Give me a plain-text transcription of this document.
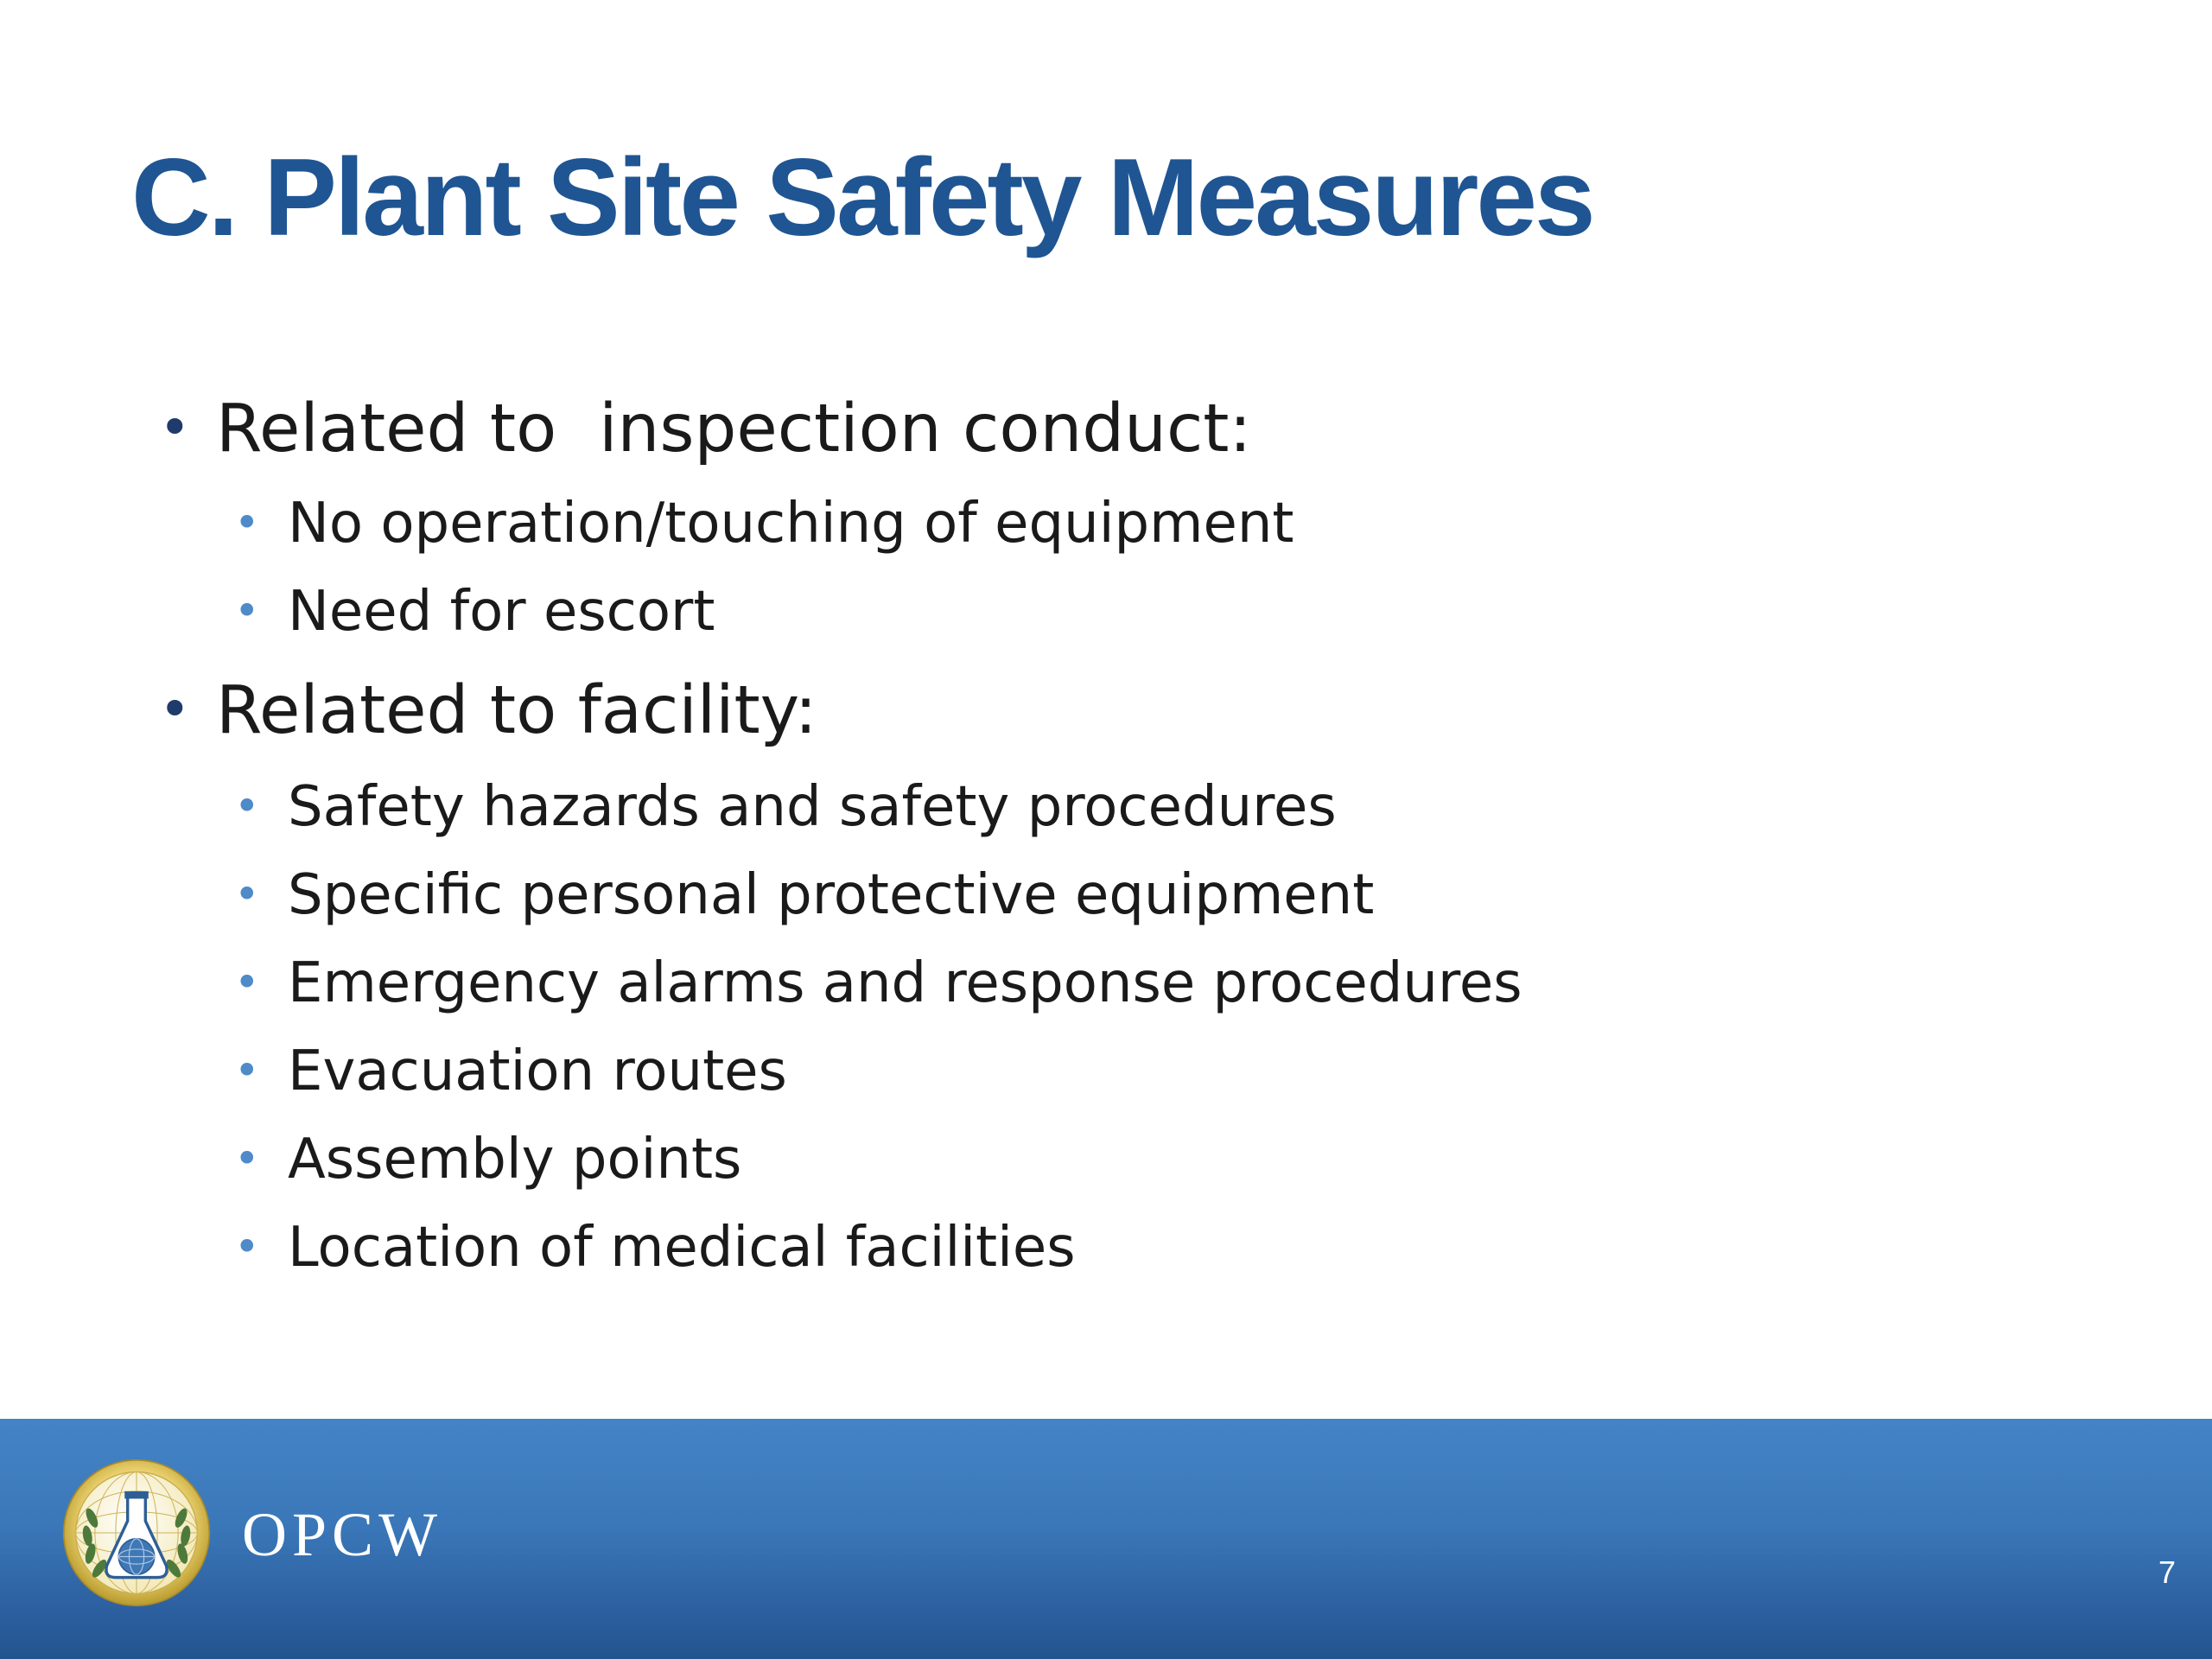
C. Plant Site Safety Measures
• Related to  inspection conduct:
• No operation/touching of equipment
• Need for escort
• Related to facility:
• Safety hazards and safety procedures
• Specific personal protective equipment
• Emergency alarms and response procedures
• Evacuation routes
• Assembly points
• Location of medical facilities
OPCW
7
